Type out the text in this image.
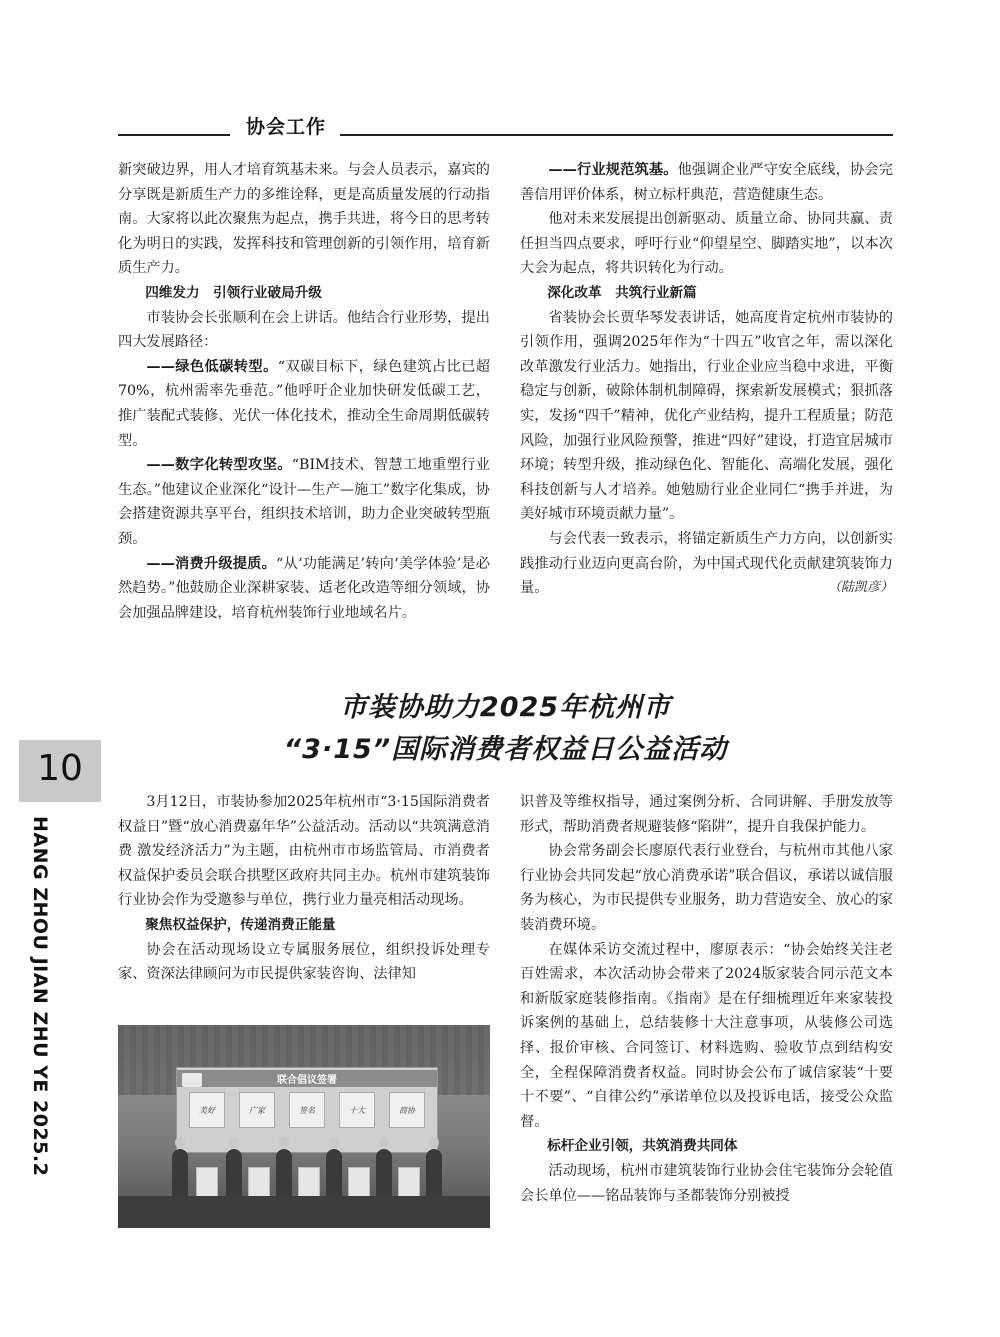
协会工作

新突破边界，用人才培育筑基未来。与会人员表示，嘉宾的分享既是新质生产力的多维诠释，更是高质量发展的行动指南。大家将以此次聚焦为起点，携手共进，将今日的思考转化为明日的实践，发挥科技和管理创新的引领作用，培育新质生产力。

四维发力　引领行业破局升级

市装协会长张顺利在会上讲话。他结合行业形势，提出四大发展路径：

——绿色低碳转型。“双碳目标下，绿色建筑占比已超70%，杭州需率先垂范。”他呼吁企业加快研发低碳工艺，推广装配式装修、光伏一体化技术，推动全生命周期低碳转型。

——数字化转型攻坚。“BIM技术、智慧工地重塑行业生态。”他建议企业深化“设计—生产—施工”数字化集成，协会搭建资源共享平台，组织技术培训，助力企业突破转型瓶颈。

——消费升级提质。“从‘功能满足’转向‘美学体验’是必然趋势。”他鼓励企业深耕家装、适老化改造等细分领域，协会加强品牌建设，培育杭州装饰行业地域名片。

——行业规范筑基。他强调企业严守安全底线，协会完善信用评价体系，树立标杆典范，营造健康生态。

他对未来发展提出创新驱动、质量立命、协同共赢、责任担当四点要求，呼吁行业“仰望星空、脚踏实地”，以本次大会为起点，将共识转化为行动。

深化改革　共筑行业新篇

省装协会长贾华琴发表讲话，她高度肯定杭州市装协的引领作用，强调2025年作为“十四五”收官之年，需以深化改革激发行业活力。她指出，行业企业应当稳中求进，平衡稳定与创新，破除体制机制障碍，探索新发展模式；狠抓落实，发扬“四千”精神，优化产业结构，提升工程质量；防范风险，加强行业风险预警，推进“四好”建设，打造宜居城市环境；转型升级，推动绿色化、智能化、高端化发展，强化科技创新与人才培养。她勉励行业企业同仁“携手并进，为美好城市环境贡献力量”。

与会代表一致表示，将锚定新质生产力方向，以创新实践推动行业迈向更高台阶，为中国式现代化贡献建筑装饰力量。	（陆凯彦）

市装协助力2025年杭州市
“3·15”国际消费者权益日公益活动
10
HANG ZHOU JIAN ZHU YE 2025.2

3月12日，市装协参加2025年杭州市“3·15国际消费者权益日”暨“放心消费嘉年华”公益活动。活动以“共筑满意消费 激发经济活力”为主题，由杭州市市场监管局、市消费者权益保护委员会联合拱墅区政府共同主办。杭州市建筑装饰行业协会作为受邀参与单位，携行业力量亮相活动现场。

聚焦权益保护，传递消费正能量

协会在活动现场设立专属服务展位，组织投诉处理专家、资深法律顾问为市民提供家装咨询、法律知

联合倡议签署
美好	广家	签名	十大	商协

识普及等维权指导，通过案例分析、合同讲解、手册发放等形式，帮助消费者规避装修“陷阱”，提升自我保护能力。

协会常务副会长廖原代表行业登台，与杭州市其他八家行业协会共同发起“放心消费承诺”联合倡议，承诺以诚信服务为核心，为市民提供专业服务，助力营造安全、放心的家装消费环境。

在媒体采访交流过程中，廖原表示：“协会始终关注老百姓需求，本次活动协会带来了2024版家装合同示范文本和新版家庭装修指南。《指南》是在仔细梳理近年来家装投诉案例的基础上，总结装修十大注意事项，从装修公司选择、报价审核、合同签订、材料选购、验收节点到结构安全，全程保障消费者权益。同时协会公布了诚信家装“十要十不要”、“自律公约”承诺单位以及投诉电话，接受公众监督。

标杆企业引领，共筑消费共同体

活动现场，杭州市建筑装饰行业协会住宅装饰分会轮值会长单位——铭品装饰与圣都装饰分别被授
